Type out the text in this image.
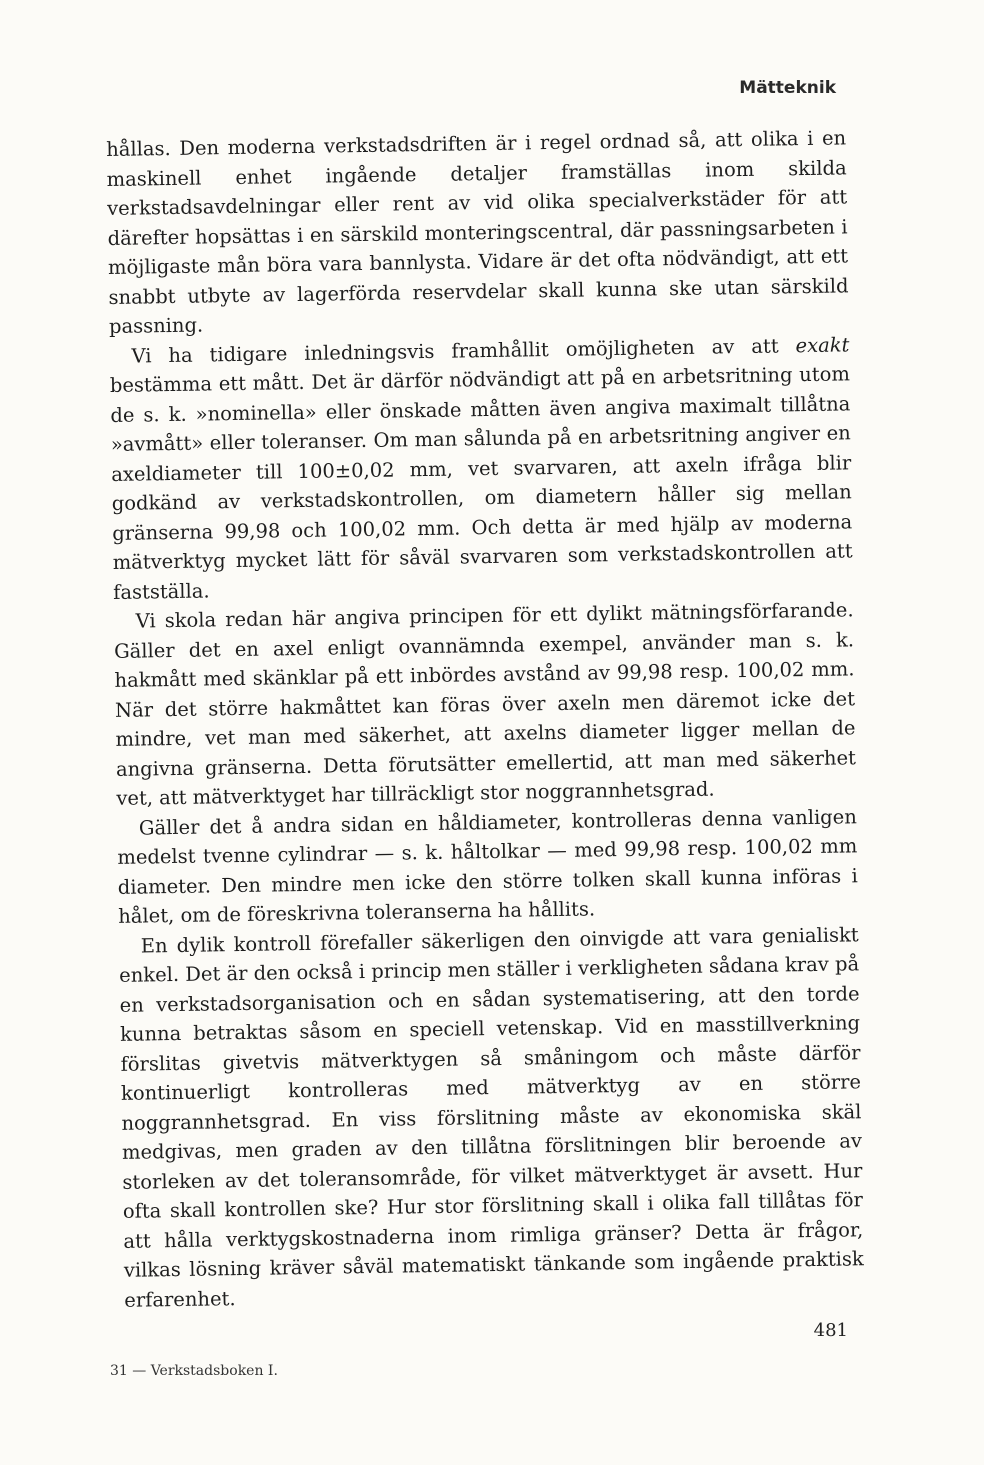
Mätteknik

hållas. Den moderna verkstadsdriften är i regel ordnad så, att olika i en maskinell enhet ingående detaljer framställas inom skilda verkstadsavdelningar eller rent av vid olika specialverkstäder för att därefter hopsättas i en särskild monteringscentral, där passningsarbeten i möjligaste mån böra vara bannlysta. Vidare är det ofta nödvändigt, att ett snabbt utbyte av lagerförda reservdelar skall kunna ske utan särskild passning.

Vi ha tidigare inledningsvis framhållit omöjligheten av att exakt bestämma ett mått. Det är därför nödvändigt att på en arbetsritning utom de s. k. »nominella» eller önskade måtten även angiva maximalt tillåtna »avmått» eller toleranser. Om man sålunda på en arbetsritning angiver en axeldiameter till 100±0,02 mm, vet svarvaren, att axeln ifråga blir godkänd av verkstadskontrollen, om diametern håller sig mellan gränserna 99,98 och 100,02 mm. Och detta är med hjälp av moderna mätverktyg mycket lätt för såväl svarvaren som verkstadskontrollen att fastställa.

Vi skola redan här angiva principen för ett dylikt mätningsförfarande. Gäller det en axel enligt ovannämnda exempel, använder man s. k. hakmått med skänklar på ett inbördes avstånd av 99,98 resp. 100,02 mm. När det större hakmåttet kan föras över axeln men däremot icke det mindre, vet man med säkerhet, att axelns diameter ligger mellan de angivna gränserna. Detta förutsätter emellertid, att man med säkerhet vet, att mätverktyget har tillräckligt stor noggrannhetsgrad.

Gäller det å andra sidan en håldiameter, kontrolleras denna vanligen medelst tvenne cylindrar — s. k. håltolkar — med 99,98 resp. 100,02 mm diameter. Den mindre men icke den större tolken skall kunna införas i hålet, om de föreskrivna toleranserna ha hållits.

En dylik kontroll förefaller säkerligen den oinvigde att vara genialiskt enkel. Det är den också i princip men ställer i verkligheten sådana krav på en verkstadsorganisation och en sådan systematisering, att den torde kunna betraktas såsom en speciell vetenskap. Vid en masstillverkning förslitas givetvis mätverktygen så småningom och måste därför kontinuerligt kontrolleras med mätverktyg av en större noggrannhetsgrad. En viss förslitning måste av ekonomiska skäl medgivas, men graden av den tillåtna förslitningen blir beroende av storleken av det toleransområde, för vilket mätverktyget är avsett. Hur ofta skall kontrollen ske? Hur stor förslitning skall i olika fall tillåtas för att hålla verktygskostnaderna inom rimliga gränser? Detta är frågor, vilkas lösning kräver såväl matematiskt tänkande som ingående praktisk erfarenhet.

481
31 — Verkstadsboken I.
